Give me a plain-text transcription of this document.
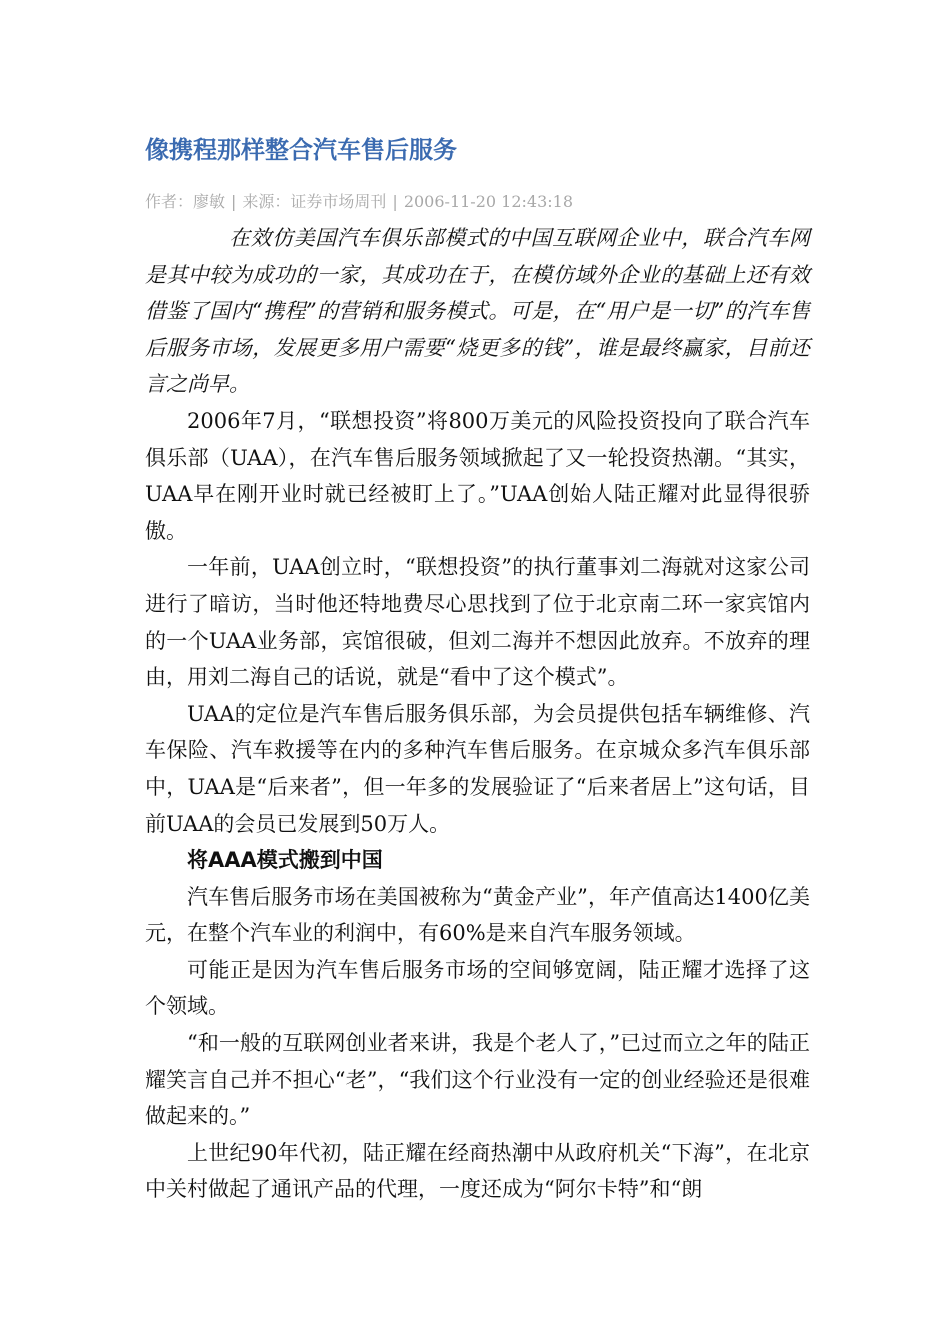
像携程那样整合汽车售后服务
作者：廖敏 | 来源：证券市场周刊 | 2006-11-20 12:43:18

在效仿美国汽车俱乐部模式的中国互联网企业中，联合汽车网是其中较为成功的一家，其成功在于，在模仿域外企业的基础上还有效借鉴了国内“携程”的营销和服务模式。可是，在“用户是一切”的汽车售后服务市场，发展更多用户需要“烧更多的钱”，谁是最终赢家，目前还言之尚早。

2006年7月，“联想投资”将800万美元的风险投资投向了联合汽车俱乐部（UAA），在汽车售后服务领域掀起了又一轮投资热潮。“其实，UAA早在刚开业时就已经被盯上了。”UAA创始人陆正耀对此显得很骄傲。

一年前，UAA创立时，“联想投资”的执行董事刘二海就对这家公司进行了暗访，当时他还特地费尽心思找到了位于北京南二环一家宾馆内的一个UAA业务部，宾馆很破，但刘二海并不想因此放弃。不放弃的理由，用刘二海自己的话说，就是“看中了这个模式”。

UAA的定位是汽车售后服务俱乐部，为会员提供包括车辆维修、汽车保险、汽车救援等在内的多种汽车售后服务。在京城众多汽车俱乐部中，UAA是“后来者”，但一年多的发展验证了“后来者居上”这句话，目前UAA的会员已发展到50万人。

将AAA模式搬到中国

汽车售后服务市场在美国被称为“黄金产业”，年产值高达1400亿美元，在整个汽车业的利润中，有60%是来自汽车服务领域。

可能正是因为汽车售后服务市场的空间够宽阔，陆正耀才选择了这个领域。

“和一般的互联网创业者来讲，我是个老人了，”已过而立之年的陆正耀笑言自己并不担心“老”，“我们这个行业没有一定的创业经验还是很难做起来的。”

上世纪90年代初，陆正耀在经商热潮中从政府机关“下海”，在北京中关村做起了通讯产品的代理，一度还成为“阿尔卡特”和“朗
